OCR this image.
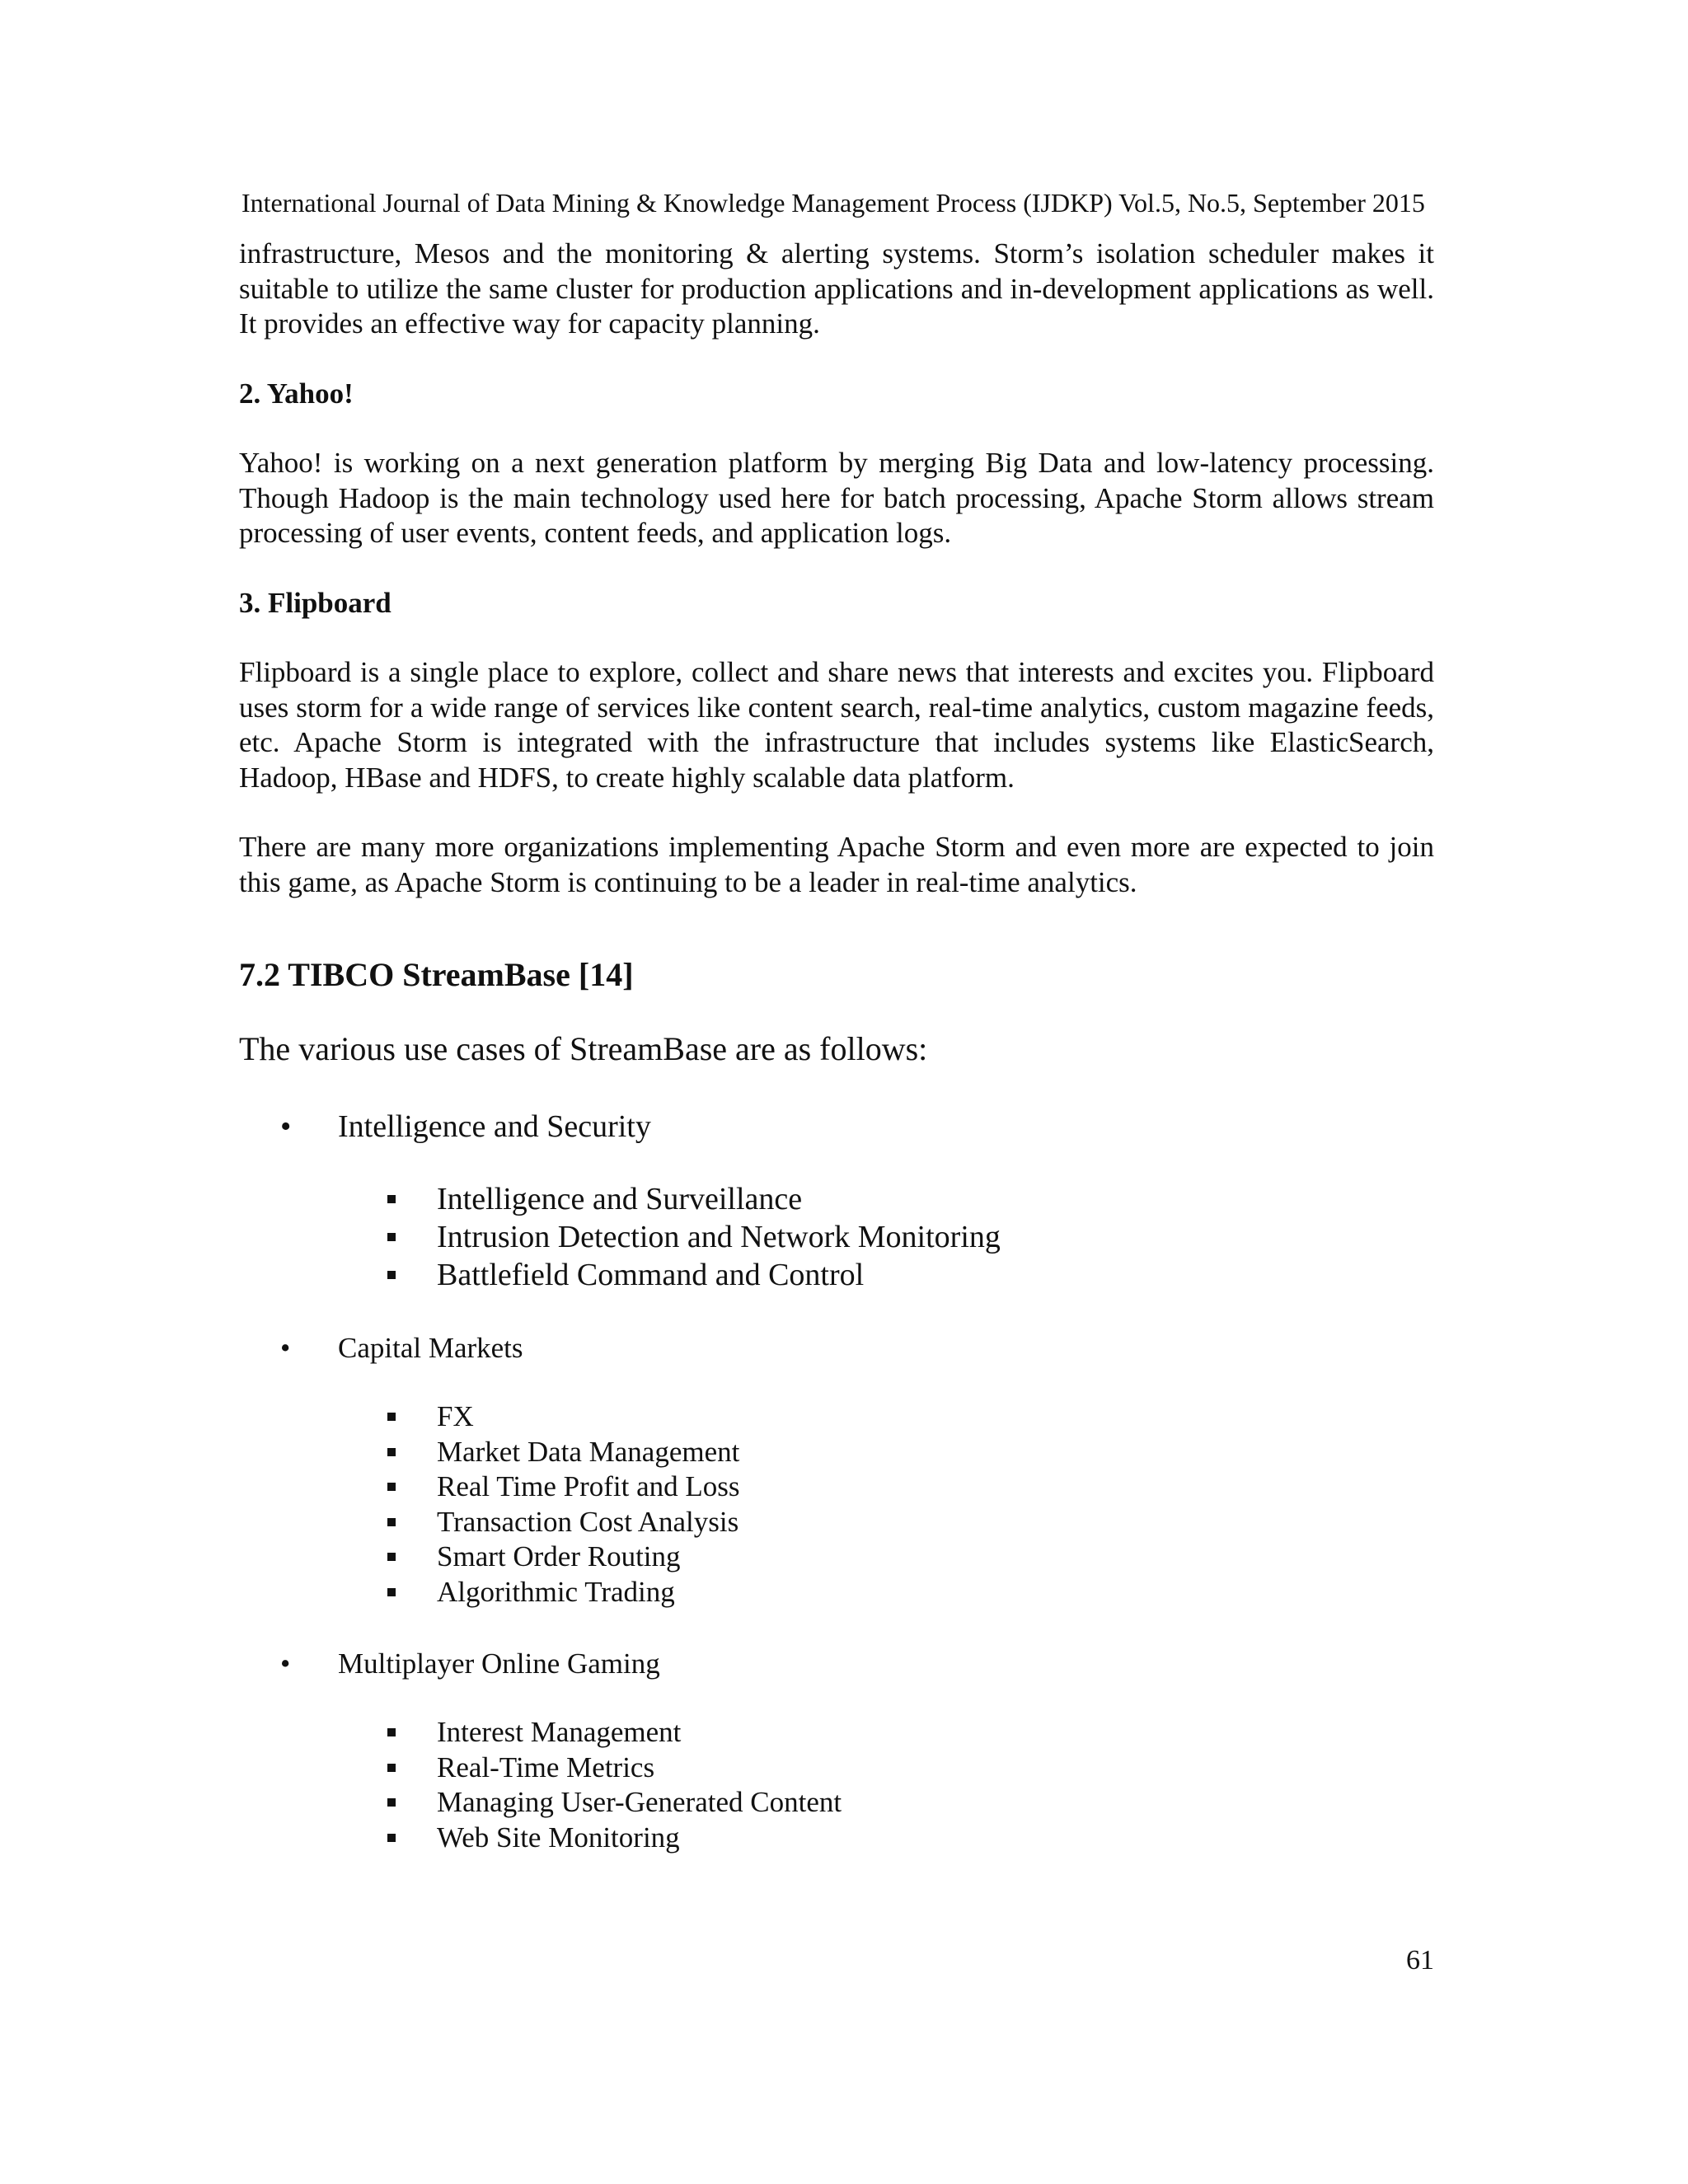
International Journal of Data Mining & Knowledge Management Process (IJDKP) Vol.5, No.5, September 2015

infrastructure, Mesos and the monitoring & alerting systems. Storm’s isolation scheduler makes it suitable to utilize the same cluster for production applications and in-development applications as well. It provides an effective way for capacity planning.

2. Yahoo!

Yahoo! is working on a next generation platform by merging Big Data and low-latency processing. Though Hadoop is the main technology used here for batch processing, Apache Storm allows stream processing of user events, content feeds, and application logs.

3. Flipboard

Flipboard is a single place to explore, collect and share news that interests and excites you. Flipboard uses storm for a wide range of services like content search, real-time analytics, custom magazine feeds, etc. Apache Storm is integrated with the infrastructure that includes systems like ElasticSearch, Hadoop, HBase and HDFS, to create highly scalable data platform.

There are many more organizations implementing Apache Storm and even more are expected to join this game, as Apache Storm is continuing to be a leader in real-time analytics.

7.2 TIBCO StreamBase [14]

The various use cases of StreamBase are as follows:

• Intelligence and Security
Intelligence and Surveillance
Intrusion Detection and Network Monitoring
Battlefield Command and Control
• Capital Markets
FX
Market Data Management
Real Time Profit and Loss
Transaction Cost Analysis
Smart Order Routing
Algorithmic Trading
• Multiplayer Online Gaming
Interest Management
Real-Time Metrics
Managing User-Generated Content
Web Site Monitoring
61
